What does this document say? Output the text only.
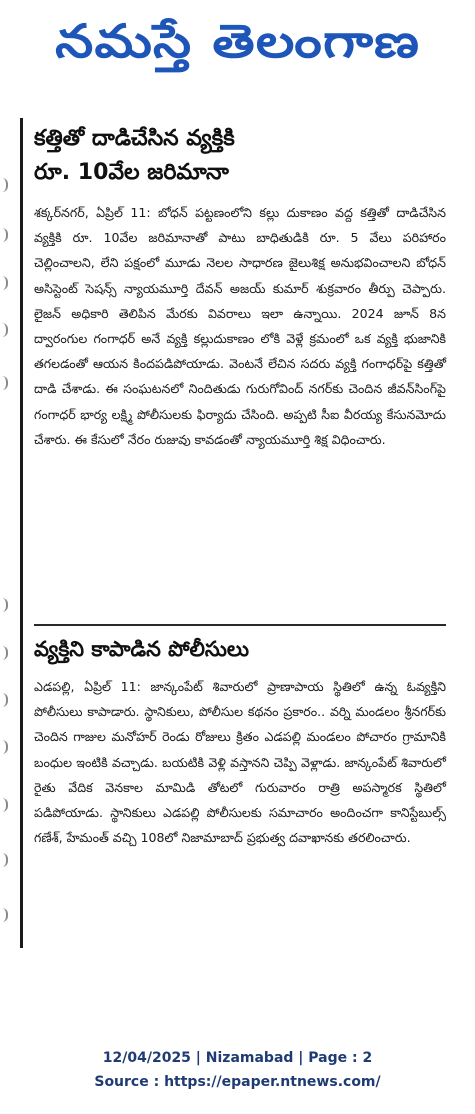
నమస్తే తెలంగాణ
కత్తితో దాడిచేసిన వ్యక్తికి
రూ. 10వేల జరిమానా

శక్కర్‌నగర్, ఏప్రిల్ 11: బోధన్ పట్టణంలోని కల్లు దుకాణం వద్ద కత్తితో దాడిచేసిన వ్యక్తికి రూ. 10వేల జరిమానాతో పాటు బాధితుడికి రూ. 5 వేలు పరిహారం చెల్లించాలని, లేని పక్షంలో మూడు నెలల సాధారణ జైలుశిక్ష అనుభవించాలని బోధన్ అసిస్టెంట్ సెషన్స్ న్యాయమూర్తి దేవన్ అజయ్ కుమార్ శుక్రవారం తీర్పు చెప్పారు. లైజన్ అధికారి తెలిపిన మేరకు వివరాలు ఇలా ఉన్నాయి. 2024 జూన్ 8న ద్వారంగుల గంగాధర్ అనే వ్యక్తి కల్లుదుకాణం లోకి వెళ్లే క్రమంలో ఒక వ్యక్తి భుజానికి తగలడంతో ఆయన కిందపడిపోయాడు. వెంటనే లేచిన సదరు వ్యక్తి గంగాధర్‌పై కత్తితో దాడి చేశాడు. ఈ సంఘటనలో నిందితుడు గురుగోవింద్ నగర్‌కు చెందిన జీవన్‌సింగ్‌పై గంగాధర్ భార్య లక్ష్మి పోలీసులకు ఫిర్యాదు చేసింది. అప్పటి సీఐ వీరయ్య కేసునమోదు చేశారు. ఈ కేసులో నేరం రుజువు కావడంతో న్యాయమూర్తి శిక్ష విధించారు.

వ్యక్తిని కాపాడిన పోలీసులు

ఎడపల్లి, ఏప్రిల్ 11: జాన్కంపేట్ శివారులో ప్రాణాపాయ స్థితిలో ఉన్న ఓవ్యక్తిని పోలీసులు కాపాడారు. స్థానికులు, పోలీసుల కథనం ప్రకారం.. వర్ని మండలం శ్రీనగర్‌కు చెందిన గాజుల మనోహర్ రెండు రోజులు క్రితం ఎడపల్లి మండలం పోచారం గ్రామానికి బంధుల ఇంటికి వచ్చాడు. బయటికి వెళ్లి వస్తానని చెప్పి వెళ్లాడు. జాన్కంపేట్ శివారులో రైతు వేదిక వెనకాల మామిడి తోటలో గురువారం రాత్రి అపస్మారక స్థితిలో పడిపోయాడు. స్థానికులు ఎడపల్లి పోలీసులకు సమాచారం అందించగా కానిస్టేబుల్స్ గణేశ్, హేమంత్ వచ్చి 108లో నిజామాబాద్ ప్రభుత్వ దవాఖానకు తరలించారు.

12/04/2025 | Nizamabad | Page : 2
Source : https://epaper.ntnews.com/
